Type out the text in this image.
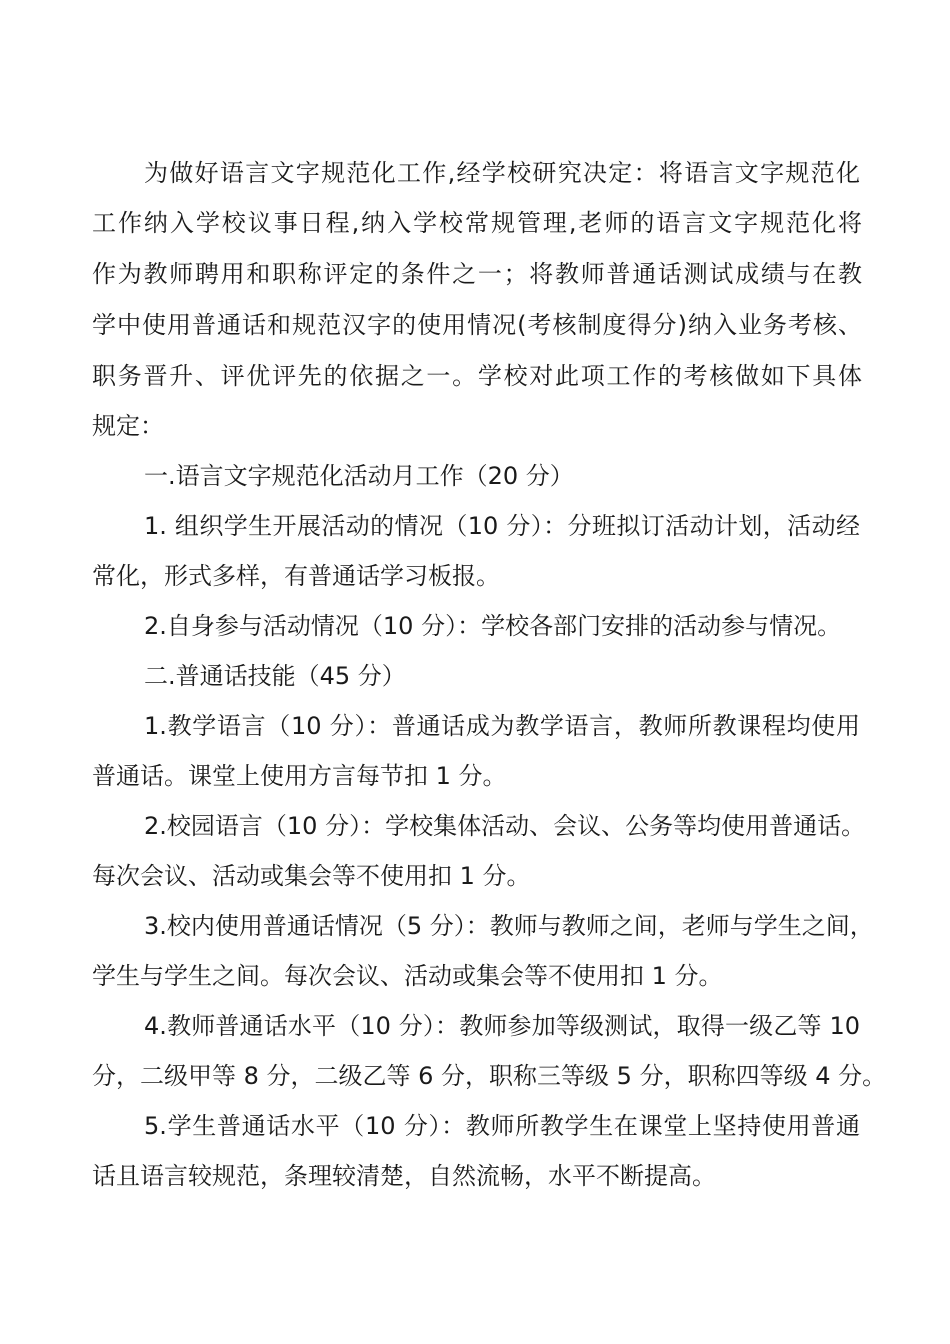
为做好语言文字规范化工作,经学校研究决定：将语言文字规范化
工作纳入学校议事日程,纳入学校常规管理,老师的语言文字规范化将
作为教师聘用和职称评定的条件之一；将教师普通话测试成绩与在教
学中使用普通话和规范汉字的使用情况(考核制度得分)纳入业务考核、
职务晋升、评优评先的依据之一。学校对此项工作的考核做如下具体
规定：
一.语言文字规范化活动月工作（20 分）
1. 组织学生开展活动的情况（10 分）：分班拟订活动计划，活动经
常化，形式多样，有普通话学习板报。
2.自身参与活动情况（10 分）：学校各部门安排的活动参与情况。
二.普通话技能（45 分）
1.教学语言（10 分）：普通话成为教学语言，教师所教课程均使用
普通话。课堂上使用方言每节扣 1 分。
2.校园语言（10 分）：学校集体活动、会议、公务等均使用普通话。
每次会议、活动或集会等不使用扣 1 分。
3.校内使用普通话情况（5 分）：教师与教师之间，老师与学生之间，
学生与学生之间。每次会议、活动或集会等不使用扣 1 分。
4.教师普通话水平（10 分）：教师参加等级测试，取得一级乙等 10
分，二级甲等 8 分，二级乙等 6 分，职称三等级 5 分，职称四等级 4 分。
5.学生普通话水平（10 分）：教师所教学生在课堂上坚持使用普通
话且语言较规范，条理较清楚，自然流畅，水平不断提高。
